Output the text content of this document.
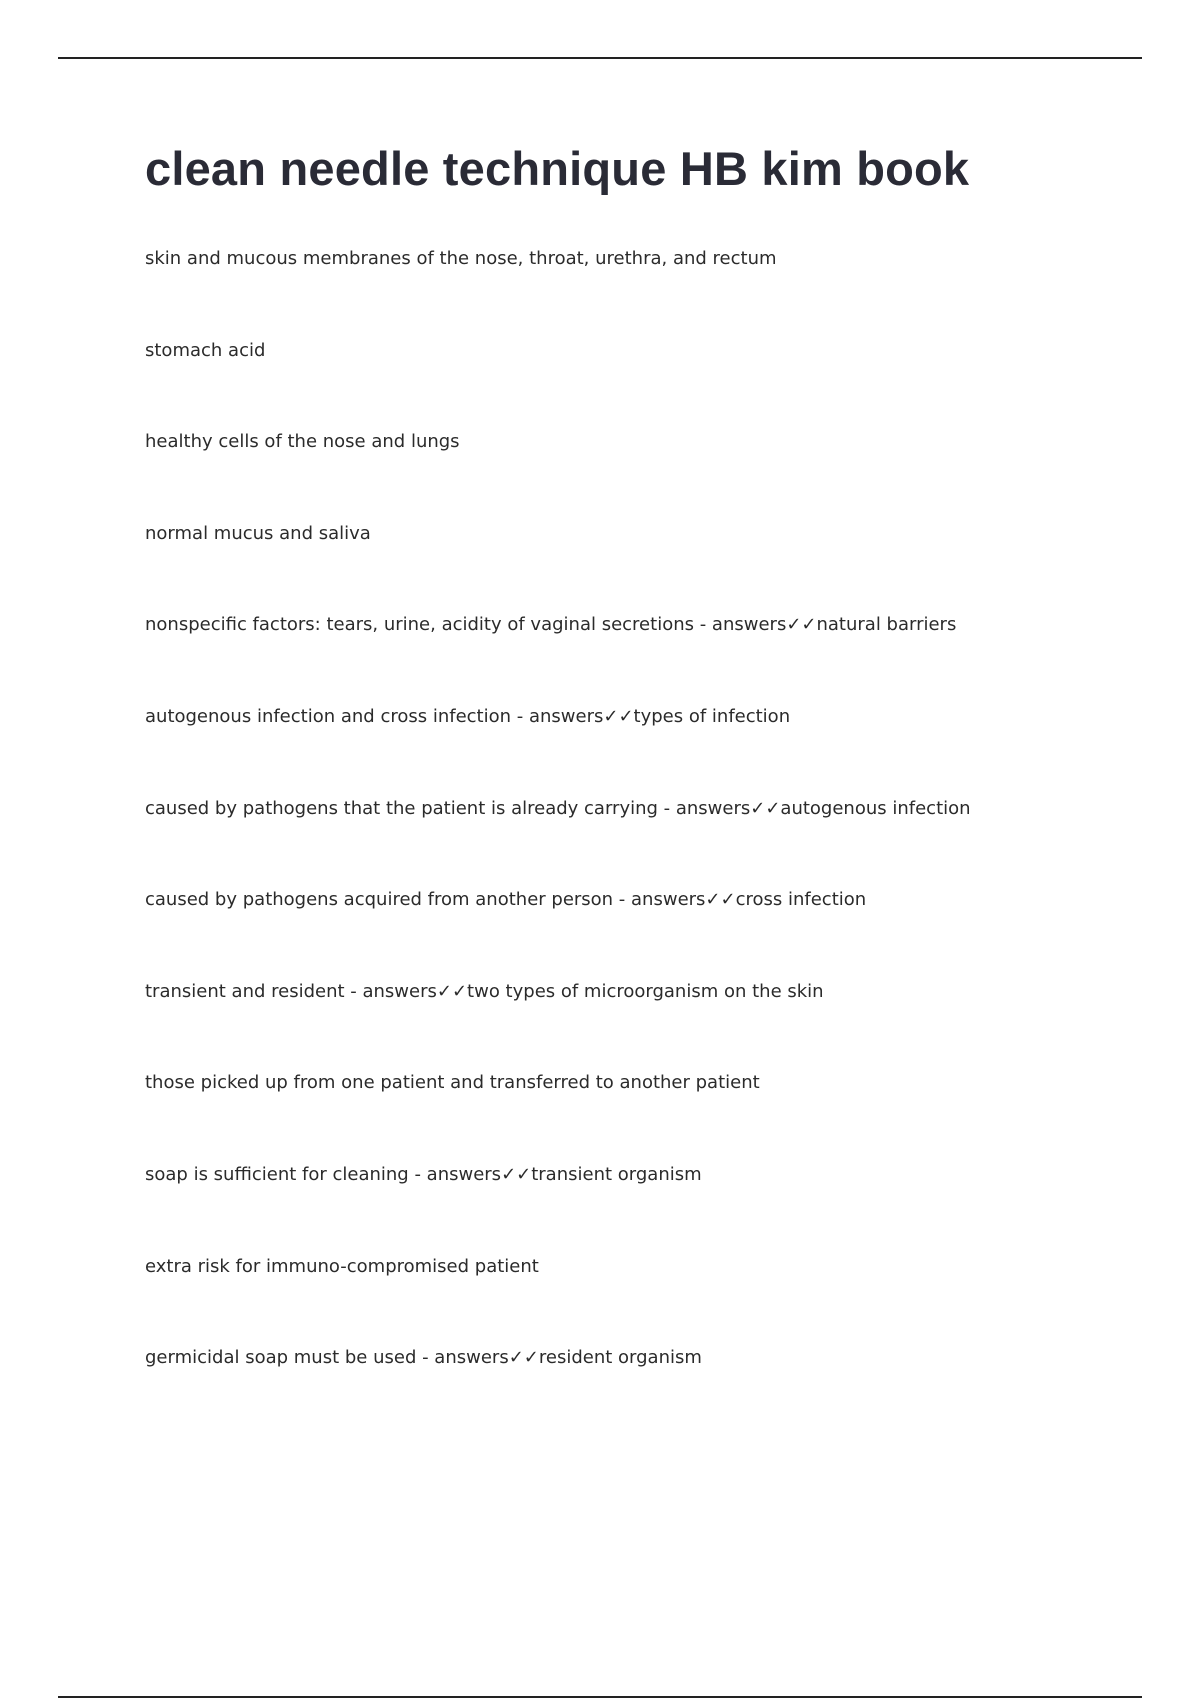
clean needle technique HB kim book
skin and mucous membranes of the nose, throat, urethra, and rectum
stomach acid
healthy cells of the nose and lungs
normal mucus and saliva
nonspecific factors: tears, urine, acidity of vaginal secretions - answers✓✓natural barriers
autogenous infection and cross infection - answers✓✓types of infection
caused by pathogens that the patient is already carrying - answers✓✓autogenous infection
caused by pathogens acquired from another person - answers✓✓cross infection
transient and resident - answers✓✓two types of microorganism on the skin
those picked up from one patient and transferred to another patient
soap is sufficient for cleaning - answers✓✓transient organism
extra risk for immuno-compromised patient
germicidal soap must be used - answers✓✓resident organism
